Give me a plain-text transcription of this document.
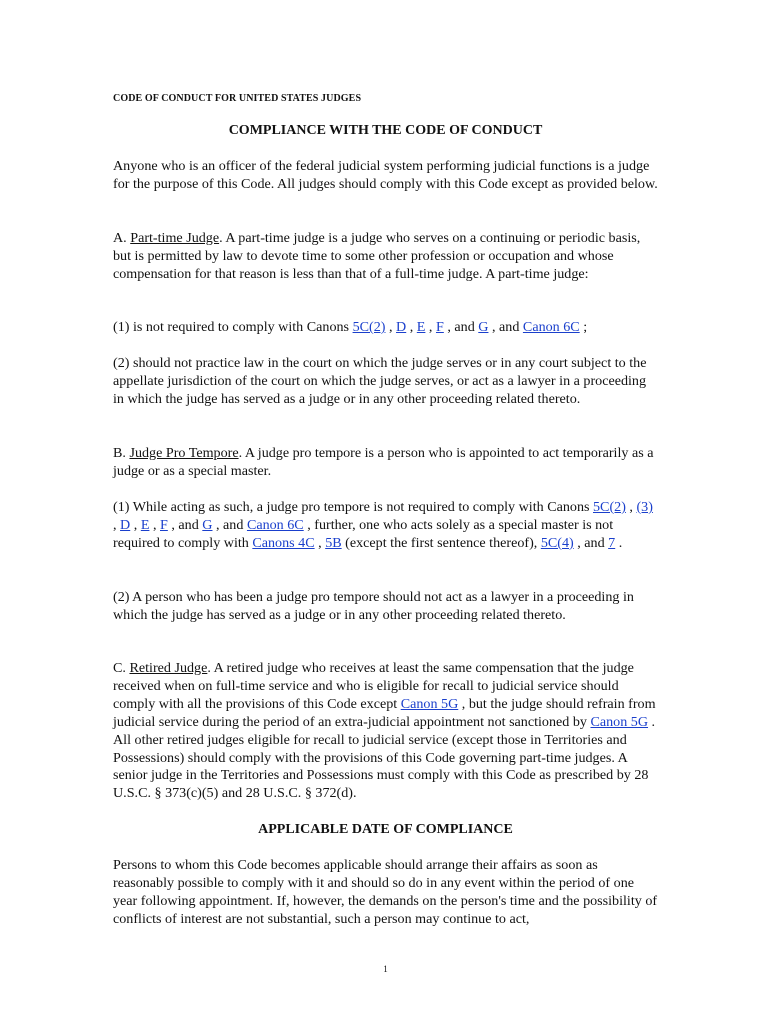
CODE OF CONDUCT FOR UNITED STATES JUDGES
COMPLIANCE WITH THE CODE OF CONDUCT

Anyone who is an officer of the federal judicial system performing judicial functions is a judge for the purpose of this Code. All judges should comply with this Code except as provided below.

A. Part-time Judge. A part-time judge is a judge who serves on a continuing or periodic basis, but is permitted by law to devote time to some other profession or occupation and whose compensation for that reason is less than that of a full-time judge. A part-time judge:

(1) is not required to comply with Canons 5C(2) , D , E , F , and G , and Canon 6C ;

(2) should not practice law in the court on which the judge serves or in any court subject to the appellate jurisdiction of the court on which the judge serves, or act as a lawyer in a proceeding in which the judge has served as a judge or in any other proceeding related thereto.

B. Judge Pro Tempore. A judge pro tempore is a person who is appointed to act temporarily as a judge or as a special master.

(1) While acting as such, a judge pro tempore is not required to comply with Canons 5C(2) , (3) , D , E , F , and G , and Canon 6C , further, one who acts solely as a special master is not required to comply with Canons 4C , 5B (except the first sentence thereof), 5C(4) , and 7 .

(2) A person who has been a judge pro tempore should not act as a lawyer in a proceeding in which the judge has served as a judge or in any other proceeding related thereto.

C. Retired Judge. A retired judge who receives at least the same compensation that the judge received when on full-time service and who is eligible for recall to judicial service should comply with all the provisions of this Code except Canon 5G , but the judge should refrain from judicial service during the period of an extra-judicial appointment not sanctioned by Canon 5G . All other retired judges eligible for recall to judicial service (except those in Territories and Possessions) should comply with the provisions of this Code governing part-time judges. A senior judge in the Territories and Possessions must comply with this Code as prescribed by 28 U.S.C. § 373(c)(5) and 28 U.S.C. § 372(d).

APPLICABLE DATE OF COMPLIANCE

Persons to whom this Code becomes applicable should arrange their affairs as soon as reasonably possible to comply with it and should so do in any event within the period of one year following appointment. If, however, the demands on the person's time and the possibility of conflicts of interest are not substantial, such a person may continue to act,

1
